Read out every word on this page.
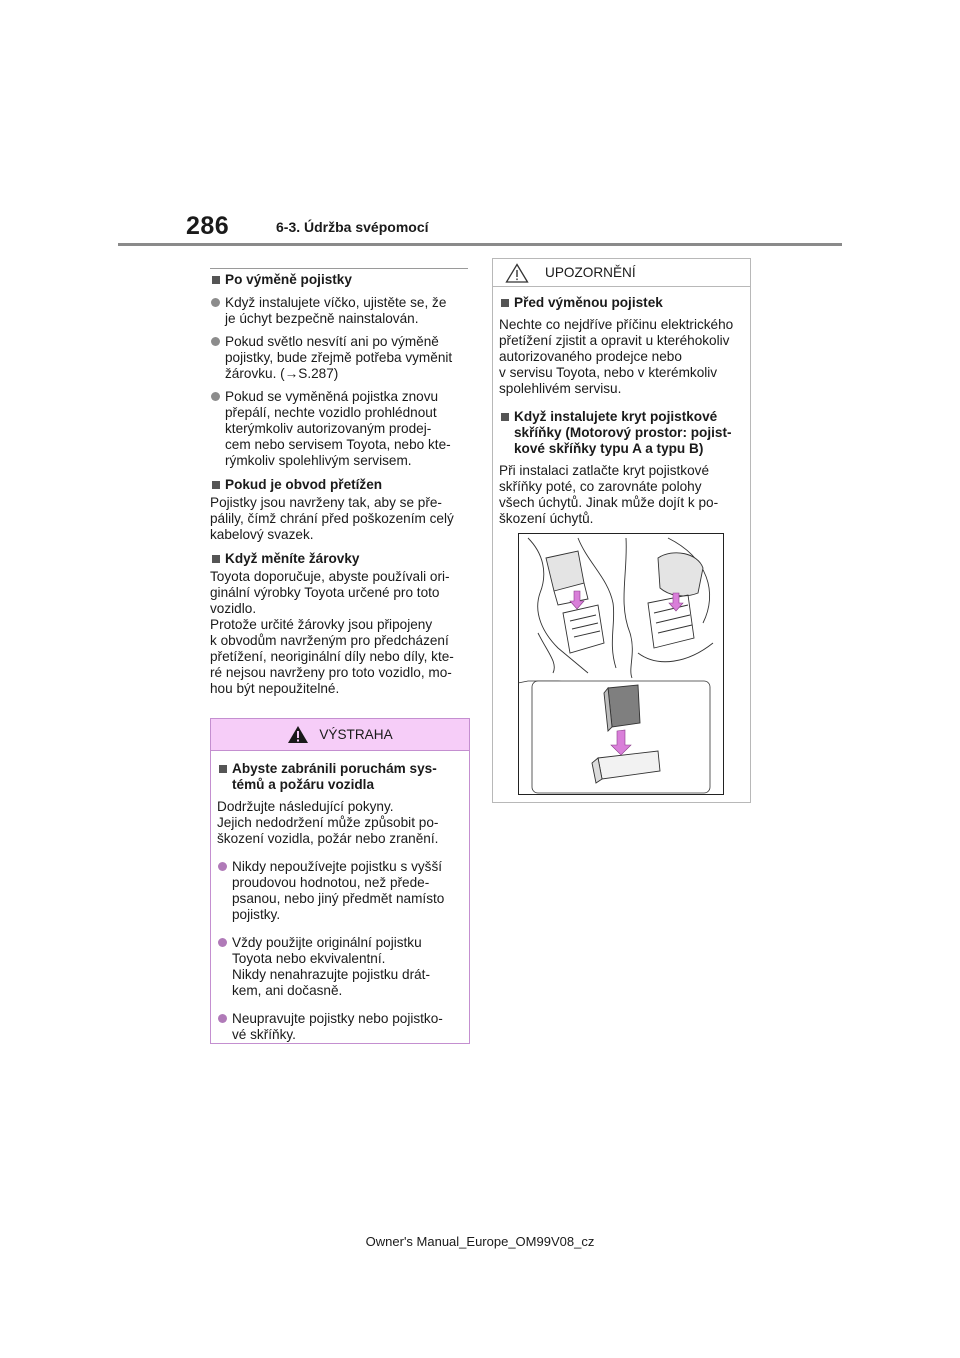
286	6-3. Údržba svépomocí
Po výměně pojistky
Když instalujete víčko, ujistěte se, že
je úchyt bezpečně nainstalován.
Pokud světlo nesvítí ani po výměně
pojistky, bude zřejmě potřeba vyměnit
žárovku. (→S.287)
Pokud se vyměněná pojistka znovu
přepálí, nechte vozidlo prohlédnout
kterýmkoliv autorizovaným prodej-
cem nebo servisem Toyota, nebo kte-
rýmkoliv spolehlivým servisem.
Pokud je obvod přetížen
Pojistky jsou navrženy tak, aby se pře-
pálily, čímž chrání před poškozením celý
kabelový svazek.
Když měníte žárovky
Toyota doporučuje, abyste používali ori-
ginální výrobky Toyota určené pro toto
vozidlo.
Protože určité žárovky jsou připojeny
k obvodům navrženým pro předcházení
přetížení, neoriginální díly nebo díly, kte-
ré nejsou navrženy pro toto vozidlo, mo-
hou být nepoužitelné.
VÝSTRAHA
Abyste zabránili poruchám sys-
témů a požáru vozidla
Dodržujte následující pokyny.
Jejich nedodržení může způsobit po-
škození vozidla, požár nebo zranění.
Nikdy nepoužívejte pojistku s vyšší
proudovou hodnotou, než přede-
psanou, nebo jiný předmět namísto
pojistky.
Vždy použijte originální pojistku
Toyota nebo ekvivalentní.
Nikdy nenahrazujte pojistku drát-
kem, ani dočasně.
Neupravujte pojistky nebo pojistko-
vé skříňky.
UPOZORNĚNÍ
Před výměnou pojistek
Nechte co nejdříve příčinu elektrického
přetížení zjistit a opravit u kteréhokoliv
autorizovaného prodejce nebo
v servisu Toyota, nebo v kterémkoliv
spolehlivém servisu.
Když instalujete kryt pojistkové
skříňky (Motorový prostor: pojist-
kové skříňky typu A a typu B)
Při instalaci zatlačte kryt pojistkové
skříňky poté, co zarovnáte polohy
všech úchytů. Jinak může dojít k po-
škození úchytů.
Owner's Manual_Europe_OM99V08_cz
